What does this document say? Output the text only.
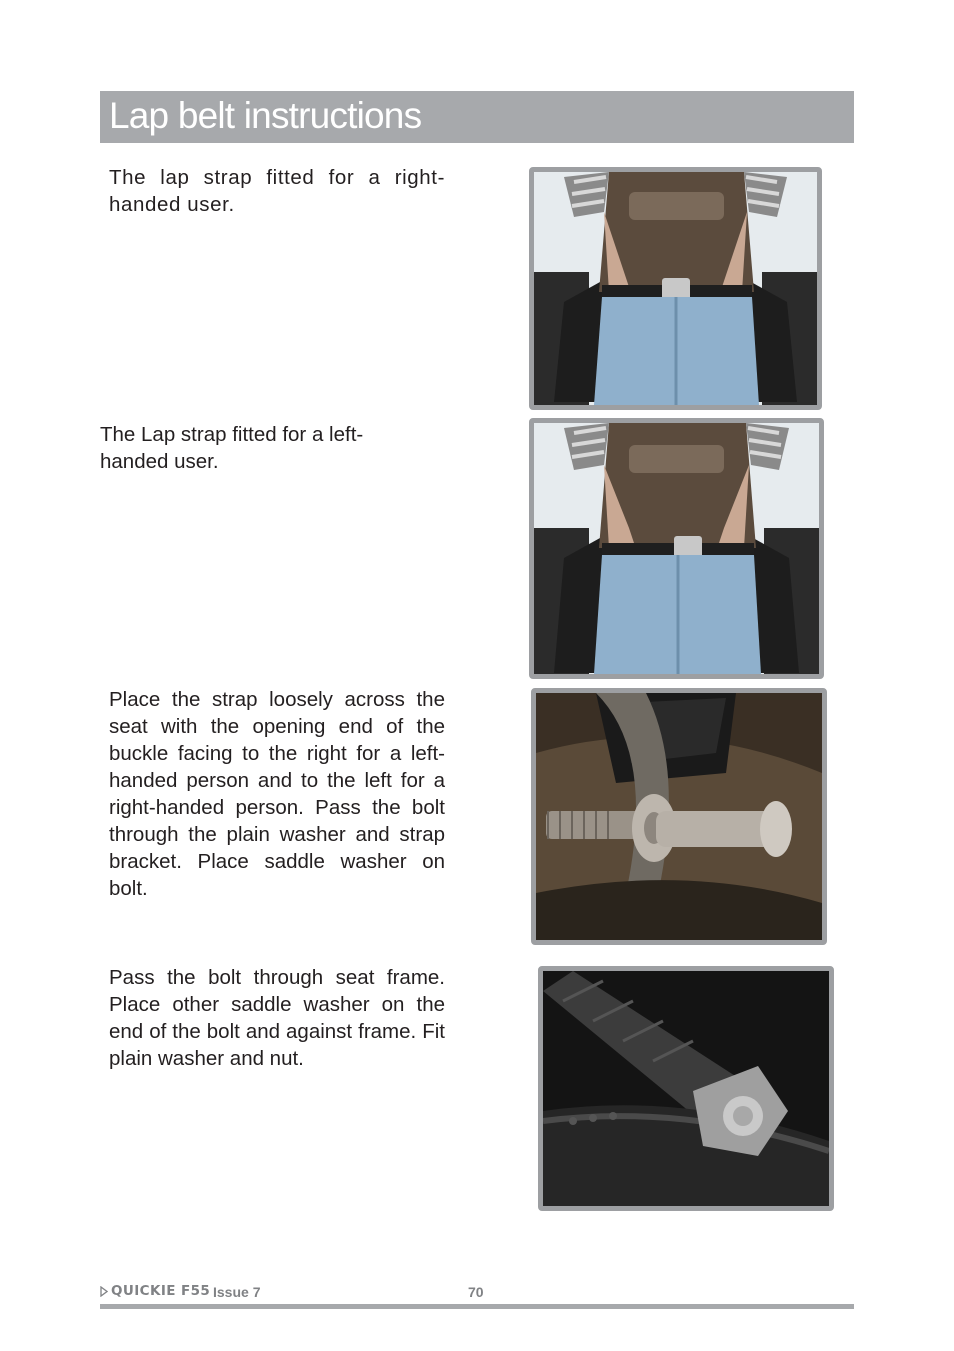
Lap belt instructions

The lap strap fitted for a right-handed user.

The Lap strap fitted for a left-handed user.

Place the strap loosely across the seat with the opening end of the buckle facing to the right for a left-handed person and to the left for a right-handed person. Pass the bolt through the plain washer and strap bracket. Place saddle washer on bolt.

Pass the bolt through seat frame. Place other saddle washer on the end of the bolt and against frame. Fit plain washer and nut.

QUICKIE F55 Issue 7	70
